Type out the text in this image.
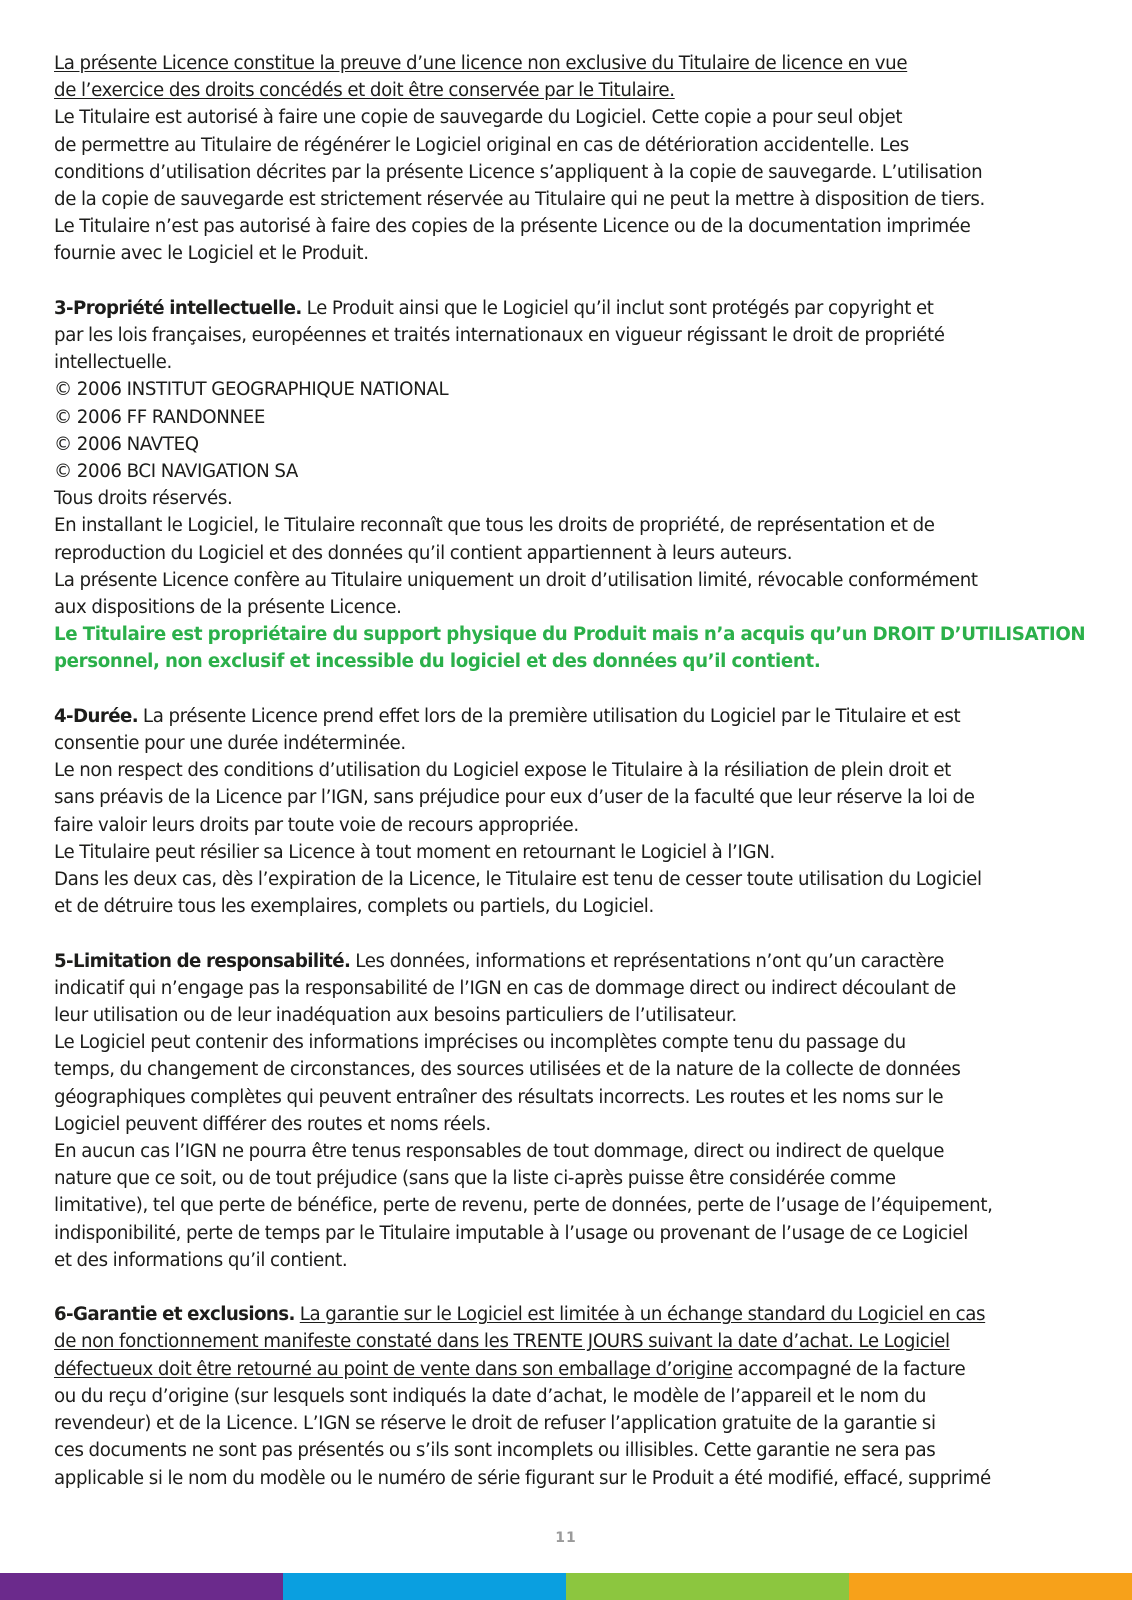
La présente Licence constitue la preuve d’une licence non exclusive du Titulaire de licence en vue
de l’exercice des droits concédés et doit être conservée par le Titulaire.
Le Titulaire est autorisé à faire une copie de sauvegarde du Logiciel. Cette copie a pour seul objet
de permettre au Titulaire de régénérer le Logiciel original en cas de détérioration accidentelle. Les
conditions d’utilisation décrites par la présente Licence s’appliquent à la copie de sauvegarde. L’utilisation
de la copie de sauvegarde est strictement réservée au Titulaire qui ne peut la mettre à disposition de tiers.
Le Titulaire n’est pas autorisé à faire des copies de la présente Licence ou de la documentation imprimée
fournie avec le Logiciel et le Produit.
3-Propriété intellectuelle. Le Produit ainsi que le Logiciel qu’il inclut sont protégés par copyright et
par les lois françaises, européennes et traités internationaux en vigueur régissant le droit de propriété
intellectuelle.
© 2006 INSTITUT GEOGRAPHIQUE NATIONAL
© 2006 FF RANDONNEE
© 2006 NAVTEQ
© 2006 BCI NAVIGATION SA
Tous droits réservés.
En installant le Logiciel, le Titulaire reconnaît que tous les droits de propriété, de représentation et de
reproduction du Logiciel et des données qu’il contient appartiennent à leurs auteurs.
La présente Licence confère au Titulaire uniquement un droit d’utilisation limité, révocable conformément
aux dispositions de la présente Licence.
Le Titulaire est propriétaire du support physique du Produit mais n’a acquis qu’un DROIT D’UTILISATION
personnel, non exclusif et incessible du logiciel et des données qu’il contient.
4-Durée. La présente Licence prend effet lors de la première utilisation du Logiciel par le Titulaire et est
consentie pour une durée indéterminée.
Le non respect des conditions d’utilisation du Logiciel expose le Titulaire à la résiliation de plein droit et
sans préavis de la Licence par l’IGN, sans préjudice pour eux d’user de la faculté que leur réserve la loi de
faire valoir leurs droits par toute voie de recours appropriée.
Le Titulaire peut résilier sa Licence à tout moment en retournant le Logiciel à l’IGN.
Dans les deux cas, dès l’expiration de la Licence, le Titulaire est tenu de cesser toute utilisation du Logiciel
et de détruire tous les exemplaires, complets ou partiels, du Logiciel.
5-Limitation de responsabilité. Les données, informations et représentations n’ont qu’un caractère
indicatif qui n’engage pas la responsabilité de l’IGN en cas de dommage direct ou indirect découlant de
leur utilisation ou de leur inadéquation aux besoins particuliers de l’utilisateur.
Le Logiciel peut contenir des informations imprécises ou incomplètes compte tenu du passage du
temps, du changement de circonstances, des sources utilisées et de la nature de la collecte de données
géographiques complètes qui peuvent entraîner des résultats incorrects. Les routes et les noms sur le
Logiciel peuvent différer des routes et noms réels.
En aucun cas l’IGN ne pourra être tenus responsables de tout dommage, direct ou indirect de quelque
nature que ce soit, ou de tout préjudice (sans que la liste ci-après puisse être considérée comme
limitative), tel que perte de bénéfice, perte de revenu, perte de données, perte de l’usage de l’équipement,
indisponibilité, perte de temps par le Titulaire imputable à l’usage ou provenant de l’usage de ce Logiciel
et des informations qu’il contient.
6-Garantie et exclusions. La garantie sur le Logiciel est limitée à un échange standard du Logiciel en cas
de non fonctionnement manifeste constaté dans les TRENTE JOURS suivant la date d’achat. Le Logiciel
défectueux doit être retourné au point de vente dans son emballage d’origine accompagné de la facture
ou du reçu d’origine (sur lesquels sont indiqués la date d’achat, le modèle de l’appareil et le nom du
revendeur) et de la Licence. L’IGN se réserve le droit de refuser l’application gratuite de la garantie si
ces documents ne sont pas présentés ou s’ils sont incomplets ou illisibles. Cette garantie ne sera pas
applicable si le nom du modèle ou le numéro de série figurant sur le Produit a été modifié, effacé, supprimé
11
